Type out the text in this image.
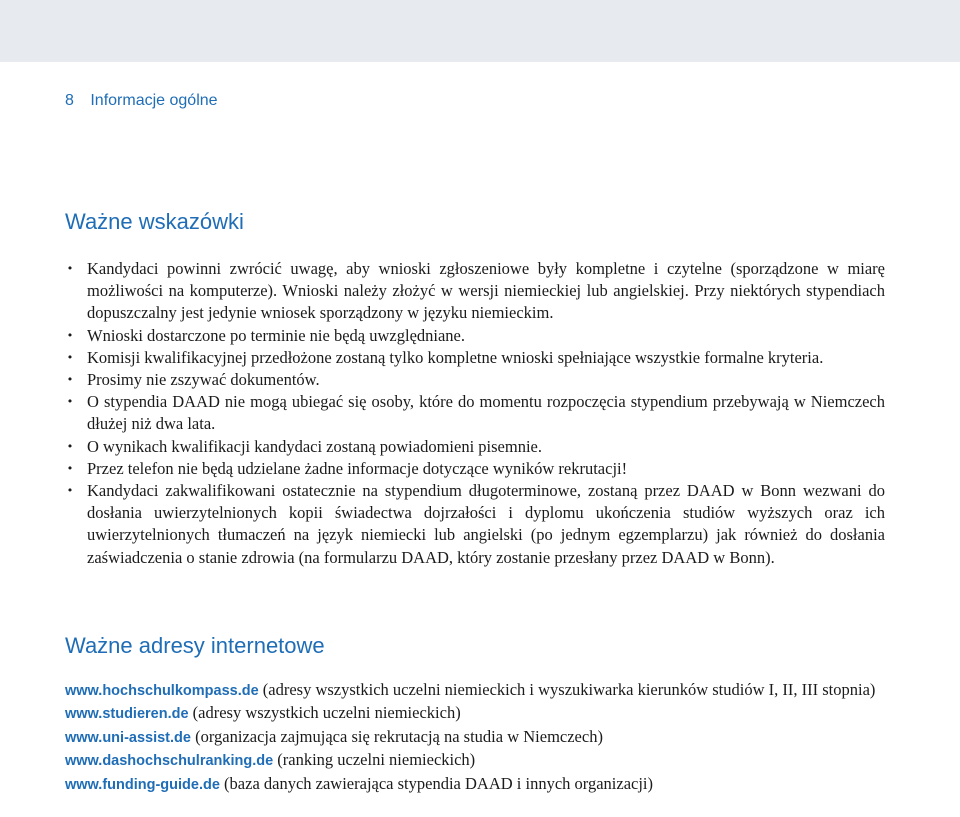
8 Informacje ogólne
Ważne wskazówki
• Kandydaci powinni zwrócić uwagę, aby wnioski zgłoszeniowe były kompletne i czytelne (sporządzone w miarę możliwości na komputerze). Wnioski należy złożyć w wersji niemieckiej lub angielskiej. Przy niektórych stypendiach dopuszczalny jest jedynie wniosek sporządzony w języku niemieckim.
• Wnioski dostarczone po terminie nie będą uwzględniane.
• Komisji kwalifikacyjnej przedłożone zostaną tylko kompletne wnioski spełniające wszystkie formalne kryteria.
• Prosimy nie zszywać dokumentów.
• O stypendia DAAD nie mogą ubiegać się osoby, które do momentu rozpoczęcia stypendium przebywają w Niemczech dłużej niż dwa lata.
• O wynikach kwalifikacji kandydaci zostaną powiadomieni pisemnie.
• Przez telefon nie będą udzielane żadne informacje dotyczące wyników rekrutacji!
• Kandydaci zakwalifikowani ostatecznie na stypendium długoterminowe, zostaną przez DAAD w Bonn wezwani do dosłania uwierzytelnionych kopii świadectwa dojrzałości i dyplomu ukończenia studiów wyższych oraz ich uwierzytelnionych tłumaczeń na język niemiecki lub angielski (po jednym egzemplarzu) jak również do dosłania zaświadczenia o stanie zdrowia (na formularzu DAAD, który zostanie przesłany przez DAAD w Bonn).
Ważne adresy internetowe

www.hochschulkompass.de (adresy wszystkich uczelni niemieckich i wyszukiwarka kierunków studiów I, II, III stopnia)

www.studieren.de (adresy wszystkich uczelni niemieckich)

www.uni-assist.de (organizacja zajmująca się rekrutacją na studia w Niemczech)

www.dashochschulranking.de (ranking uczelni niemieckich)

www.funding-guide.de (baza danych zawierająca stypendia DAAD i innych organizacji)
